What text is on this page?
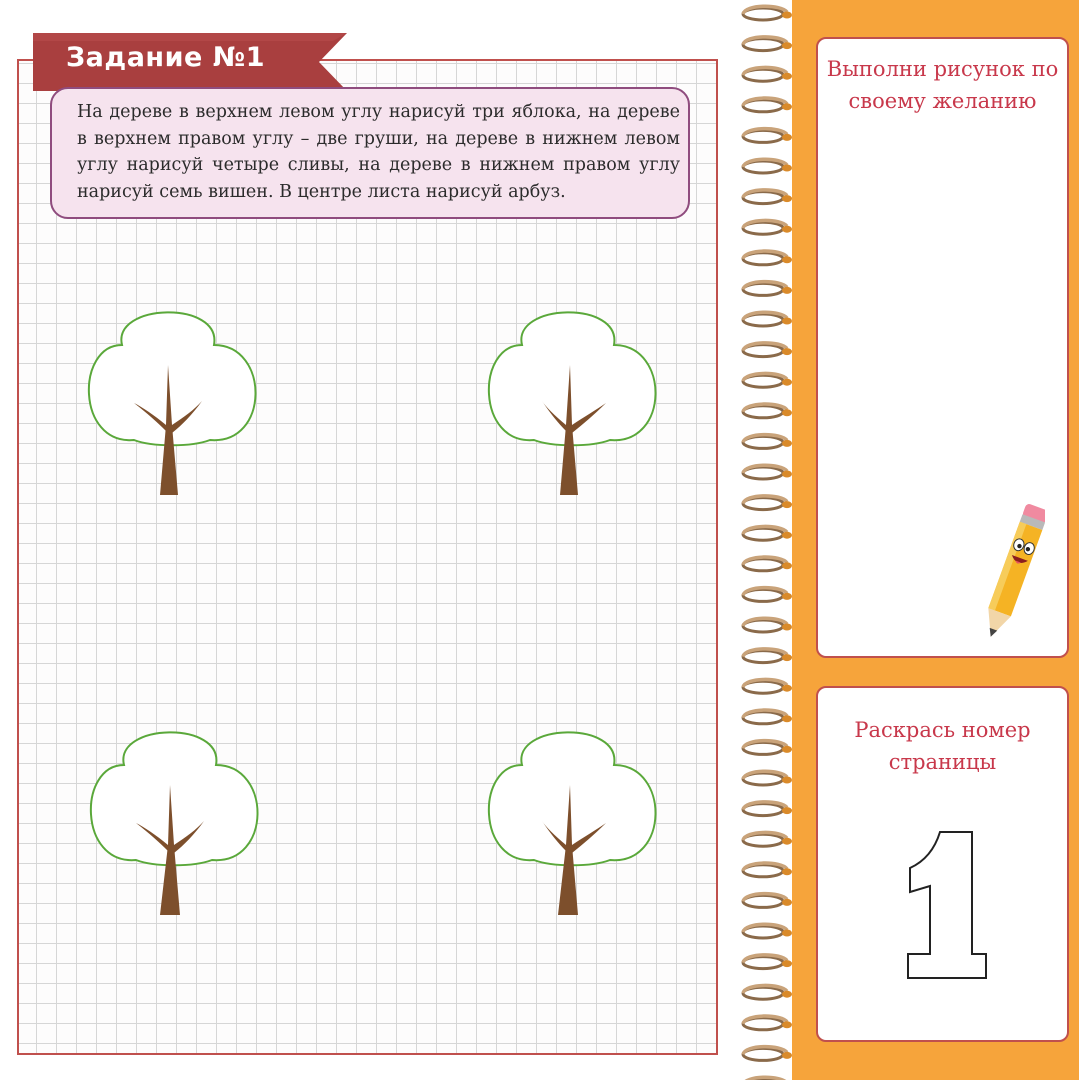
Задание №1
На дереве в верхнем левом углу нарисуй три яблока, на дереве в верхнем правом углу – две груши, на дереве в нижнем левом углу нарисуй четыре сливы, на дереве в нижнем правом углу нарисуй семь вишен. В центре листа нарисуй арбуз.
Выполни рисунок по своему желанию
Раскрась номер страницы
1
